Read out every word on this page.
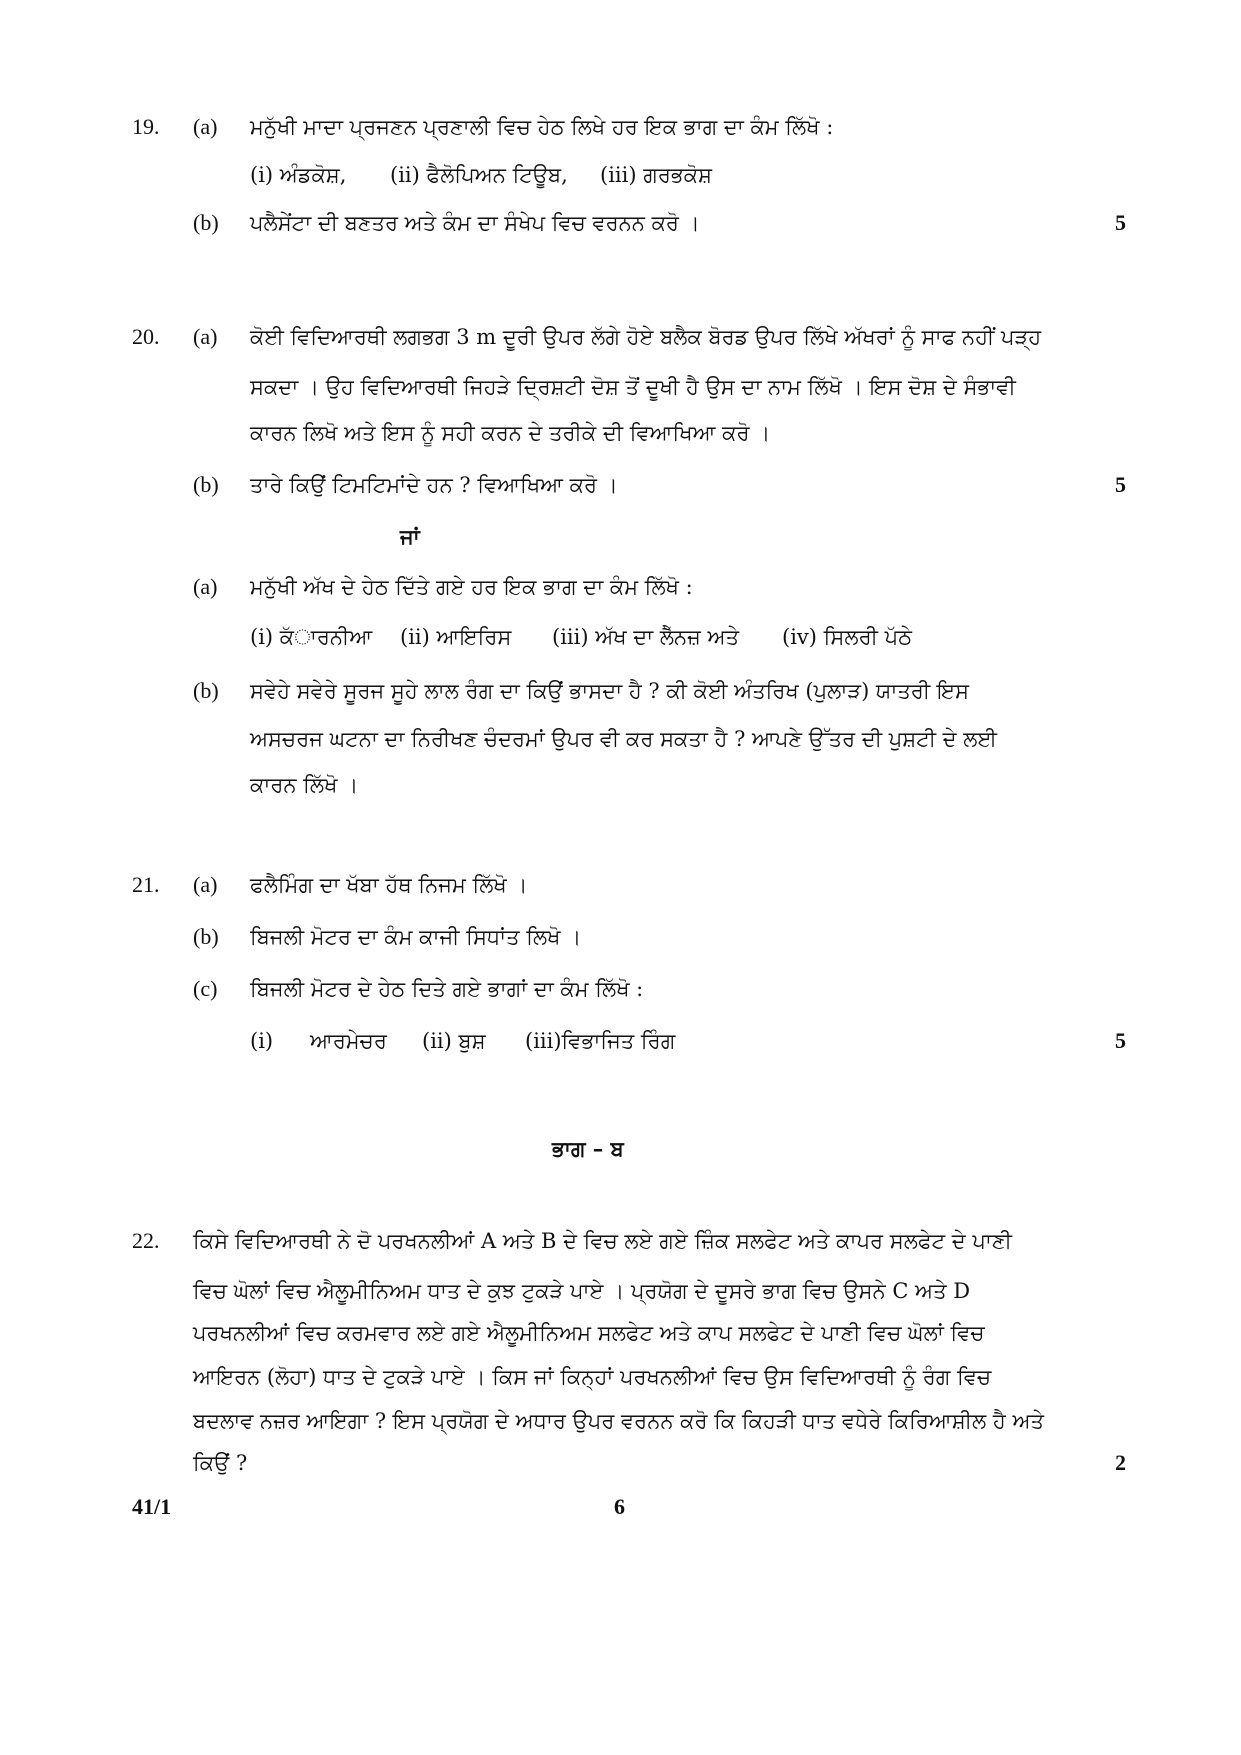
19. (a) ਮਨੁੱਖੀ ਮਾਦਾ ਪ੍ਰਜਣਨ ਪ੍ਰਣਾਲੀ ਵਿਚ ਹੇਠ ਲਿਖੇ ਹਰ ਇਕ ਭਾਗ ਦਾ ਕੰਮ ਲਿੱਖੋ :
(i) ਅੰਡਕੋਸ਼, (ii) ਫੈਲੋਪਿਅਨ ਟਿਊਬ, (iii) ਗਰਭਕੋਸ਼
(b) ਪਲੈਸੇਂਟਾ ਦੀ ਬਣਤਰ ਅਤੇ ਕੰਮ ਦਾ ਸੰਖੇਪ ਵਿਚ ਵਰਨਨ ਕਰੋ ।	5
20. (a) ਕੋਈ ਵਿਦਿਆਰਥੀ ਲਗਭਗ 3 m ਦੂਰੀ ਉਪਰ ਲੱਗੇ ਹੋਏ ਬਲੈਕ ਬੋਰਡ ਉਪਰ ਲਿੱਖੇ ਅੱਖਰਾਂ ਨੂੰ ਸਾਫ ਨਹੀਂ ਪੜ੍ਹ
ਸਕਦਾ । ਉਹ ਵਿਦਿਆਰਥੀ ਜਿਹੜੇ ਦ੍ਰਿਸ਼ਟੀ ਦੋਸ਼ ਤੋਂ ਦੂਖੀ ਹੈ ਉਸ ਦਾ ਨਾਮ ਲਿੱਖੋ । ਇਸ ਦੋਸ਼ ਦੇ ਸੰਭਾਵੀ
ਕਾਰਨ ਲਿਖੋ ਅਤੇ ਇਸ ਨੂੰ ਸਹੀ ਕਰਨ ਦੇ ਤਰੀਕੇ ਦੀ ਵਿਆਖਿਆ ਕਰੋ ।
(b) ਤਾਰੇ ਕਿਉਂ ਟਿਮਟਿਮਾਂਦੇ ਹਨ ? ਵਿਆਖਿਆ ਕਰੋ ।	5
ਜਾਂ
(a) ਮਨੁੱਖੀ ਅੱਖ ਦੇ ਹੇਠ ਦਿੱਤੇ ਗਏ ਹਰ ਇਕ ਭਾਗ ਦਾ ਕੰਮ ਲਿੱਖੋ :
(i) ਕੱਾਰਨੀਆ (ii) ਆਇਰਿਸ (iii) ਅੱਖ ਦਾ ਲੈੱਨਜ਼ ਅਤੇ (iv) ਸਿਲਰੀ ਪੱਠੇ
(b) ਸਵੇਹੇ ਸਵੇਰੇ ਸੂਰਜ ਸੂਹੇ ਲਾਲ ਰੰਗ ਦਾ ਕਿਉਂ ਭਾਸਦਾ ਹੈ ? ਕੀ ਕੋਈ ਅੰਤਰਿਖ (ਪੁਲਾੜ) ਯਾਤਰੀ ਇਸ
ਅਸਚਰਜ ਘਟਨਾ ਦਾ ਨਿਰੀਖਣ ਚੰਦਰਮਾਂ ਉਪਰ ਵੀ ਕਰ ਸਕਤਾ ਹੈ ? ਆਪਣੇ ਉੱਤਰ ਦੀ ਪੁਸ਼ਟੀ ਦੇ ਲਈ
ਕਾਰਨ ਲਿੱਖੋ ।
21. (a) ਫਲੈਮਿੰਗ ਦਾ ਖੱਬਾ ਹੱਥ ਨਿਜਮ ਲਿੱਖੋ ।
(b) ਬਿਜਲੀ ਮੋਟਰ ਦਾ ਕੰਮ ਕਾਜੀ ਸਿਧਾਂਤ ਲਿਖੋ ।
(c) ਬਿਜਲੀ ਮੋਟਰ ਦੇ ਹੇਠ ਦਿਤੇ ਗਏ ਭਾਗਾਂ ਦਾ ਕੰਮ ਲਿੱਖੋ :
(i) ਆਰਮੇਚਰ (ii) ਬੁਸ਼ (iii)ਵਿਭਾਜਿਤ ਰਿੰਗ	5
ਭਾਗ – ਬ
22. ਕਿਸੇ ਵਿਦਿਆਰਥੀ ਨੇ ਦੋ ਪਰਖਨਲੀਆਂ A ਅਤੇ B ਦੇ ਵਿਚ ਲਏ ਗਏ ਜ਼ਿੰਕ ਸਲਫੇਟ ਅਤੇ ਕਾਪਰ ਸਲਫੇਟ ਦੇ ਪਾਣੀ
ਵਿਚ ਘੋਲਾਂ ਵਿਚ ਐਲੂਮੀਨਿਅਮ ਧਾਤ ਦੇ ਕੁਝ ਟੁਕੜੇ ਪਾਏ । ਪ੍ਰਯੋਗ ਦੇ ਦੂਸਰੇ ਭਾਗ ਵਿਚ ਉਸਨੇ C ਅਤੇ D
ਪਰਖਨਲੀਆਂ ਵਿਚ ਕਰਮਵਾਰ ਲਏ ਗਏ ਐਲੂਮੀਨਿਅਮ ਸਲਫੇਟ ਅਤੇ ਕਾਪ ਸਲਫੇਟ ਦੇ ਪਾਣੀ ਵਿਚ ਘੋਲਾਂ ਵਿਚ
ਆਇਰਨ (ਲੋਹਾ) ਧਾਤ ਦੇ ਟੁਕੜੇ ਪਾਏ । ਕਿਸ ਜਾਂ ਕਿਨ੍ਹਾਂ ਪਰਖਨਲੀਆਂ ਵਿਚ ਉਸ ਵਿਦਿਆਰਥੀ ਨੂੰ ਰੰਗ ਵਿਚ
ਬਦਲਾਵ ਨਜ਼ਰ ਆਇਗਾ ? ਇਸ ਪ੍ਰਯੋਗ ਦੇ ਅਧਾਰ ਉਪਰ ਵਰਨਨ ਕਰੋ ਕਿ ਕਿਹੜੀ ਧਾਤ ਵਧੇਰੇ ਕਿਰਿਆਸ਼ੀਲ ਹੈ ਅਤੇ
ਕਿਉਂ ?	2
41/1	6
